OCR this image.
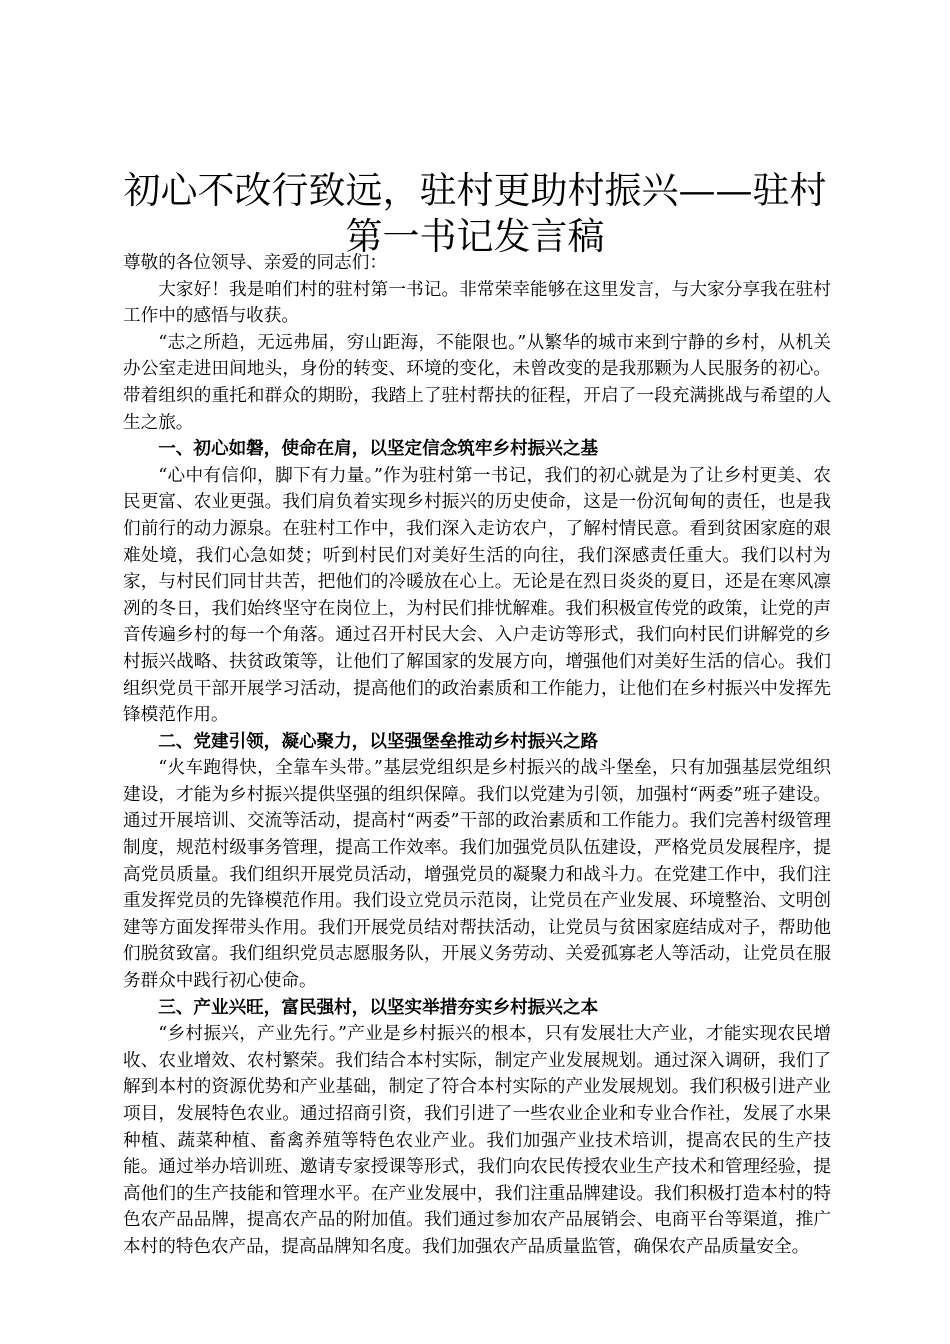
初心不改行致远，驻村更助村振兴——驻村第一书记发言稿

尊敬的各位领导、亲爱的同志们：

大家好！我是咱们村的驻村第一书记。非常荣幸能够在这里发言，与大家分享我在驻村工作中的感悟与收获。

“志之所趋，无远弗届，穷山距海，不能限也。”从繁华的城市来到宁静的乡村，从机关办公室走进田间地头，身份的转变、环境的变化，未曾改变的是我那颗为人民服务的初心。带着组织的重托和群众的期盼，我踏上了驻村帮扶的征程，开启了一段充满挑战与希望的人生之旅。

一、初心如磐，使命在肩，以坚定信念筑牢乡村振兴之基

“心中有信仰，脚下有力量。”作为驻村第一书记，我们的初心就是为了让乡村更美、农民更富、农业更强。我们肩负着实现乡村振兴的历史使命，这是一份沉甸甸的责任，也是我们前行的动力源泉。在驻村工作中，我们深入走访农户，了解村情民意。看到贫困家庭的艰难处境，我们心急如焚；听到村民们对美好生活的向往，我们深感责任重大。我们以村为家，与村民们同甘共苦，把他们的冷暖放在心上。无论是在烈日炎炎的夏日，还是在寒风凛冽的冬日，我们始终坚守在岗位上，为村民们排忧解难。我们积极宣传党的政策，让党的声音传遍乡村的每一个角落。通过召开村民大会、入户走访等形式，我们向村民们讲解党的乡村振兴战略、扶贫政策等，让他们了解国家的发展方向，增强他们对美好生活的信心。我们组织党员干部开展学习活动，提高他们的政治素质和工作能力，让他们在乡村振兴中发挥先锋模范作用。

二、党建引领，凝心聚力，以坚强堡垒推动乡村振兴之路

“火车跑得快，全靠车头带。”基层党组织是乡村振兴的战斗堡垒，只有加强基层党组织建设，才能为乡村振兴提供坚强的组织保障。我们以党建为引领，加强村“两委”班子建设。通过开展培训、交流等活动，提高村“两委”干部的政治素质和工作能力。我们完善村级管理制度，规范村级事务管理，提高工作效率。我们加强党员队伍建设，严格党员发展程序，提高党员质量。我们组织开展党员活动，增强党员的凝聚力和战斗力。在党建工作中，我们注重发挥党员的先锋模范作用。我们设立党员示范岗，让党员在产业发展、环境整治、文明创建等方面发挥带头作用。我们开展党员结对帮扶活动，让党员与贫困家庭结成对子，帮助他们脱贫致富。我们组织党员志愿服务队，开展义务劳动、关爱孤寡老人等活动，让党员在服务群众中践行初心使命。

三、产业兴旺，富民强村，以坚实举措夯实乡村振兴之本

“乡村振兴，产业先行。”产业是乡村振兴的根本，只有发展壮大产业，才能实现农民增收、农业增效、农村繁荣。我们结合本村实际，制定产业发展规划。通过深入调研，我们了解到本村的资源优势和产业基础，制定了符合本村实际的产业发展规划。我们积极引进产业项目，发展特色农业。通过招商引资，我们引进了一些农业企业和专业合作社，发展了水果种植、蔬菜种植、畜禽养殖等特色农业产业。我们加强产业技术培训，提高农民的生产技能。通过举办培训班、邀请专家授课等形式，我们向农民传授农业生产技术和管理经验，提高他们的生产技能和管理水平。在产业发展中，我们注重品牌建设。我们积极打造本村的特色农产品品牌，提高农产品的附加值。我们通过参加农产品展销会、电商平台等渠道，推广本村的特色农产品，提高品牌知名度。我们加强农产品质量监管，确保农产品质量安全。
